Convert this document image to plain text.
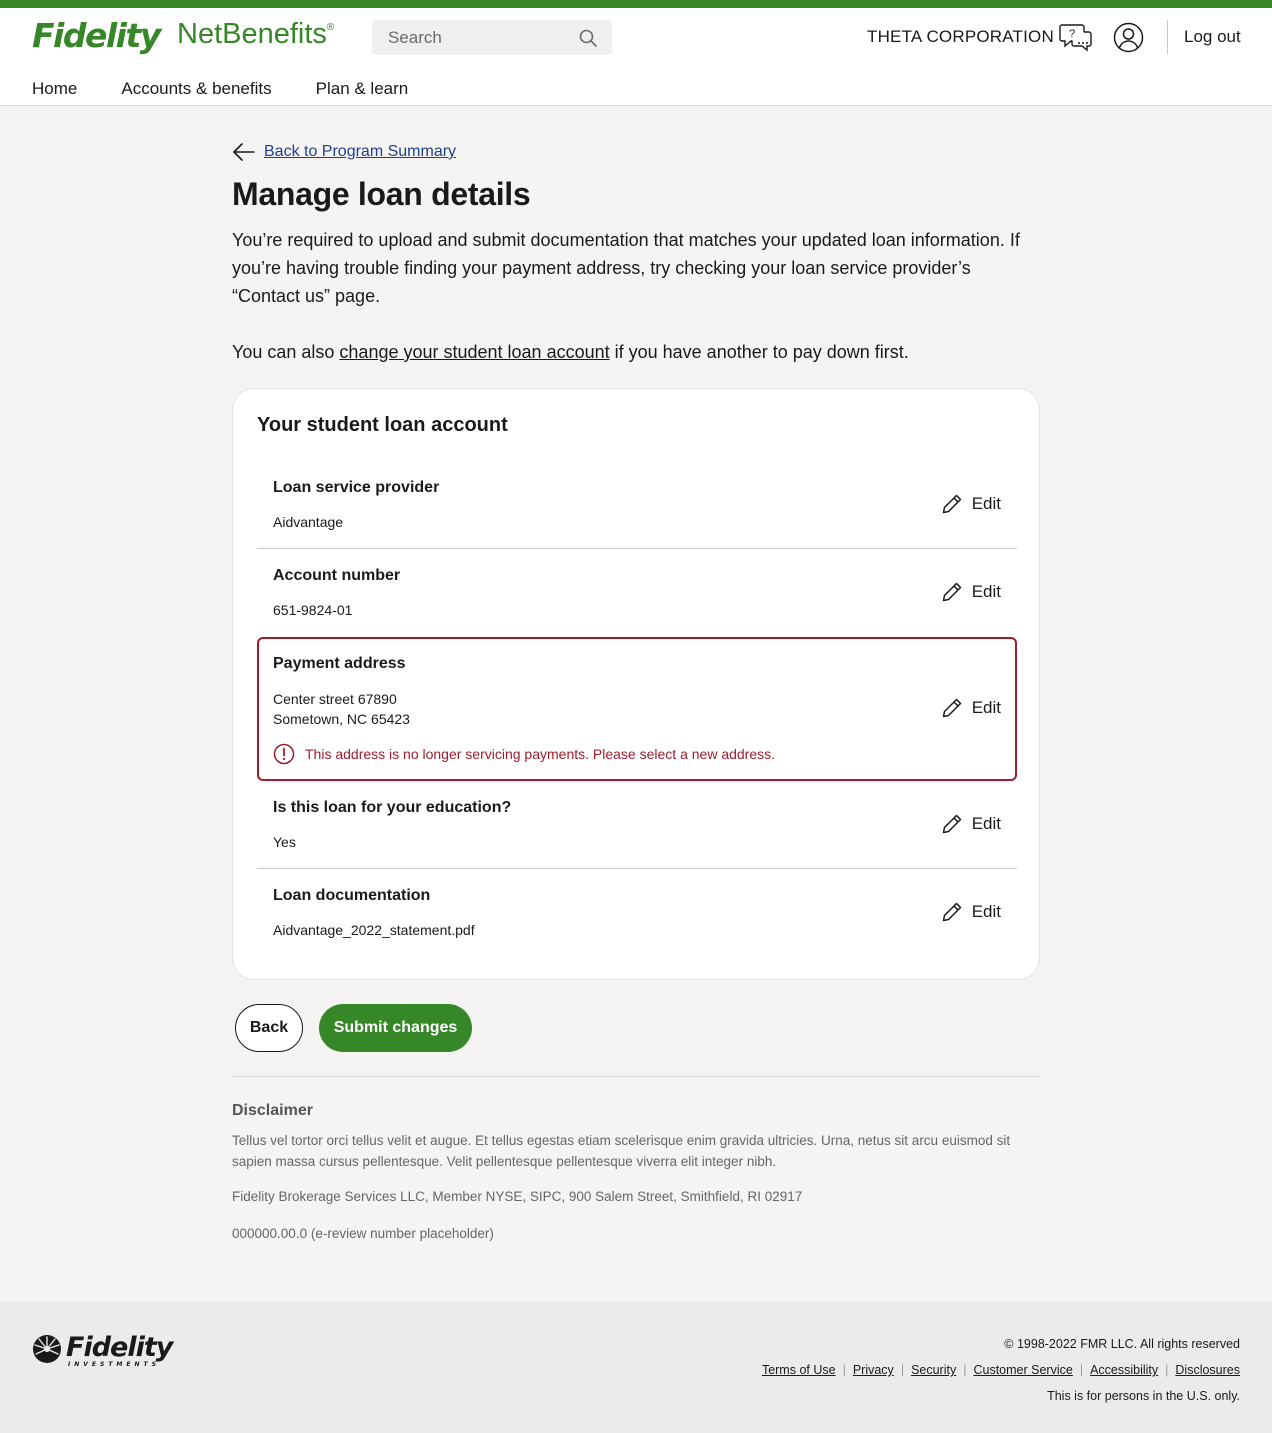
Fidelity NetBenefits®
Search	THETA CORPORATION ?	Log out
Home	Accounts & benefits	Plan & learn
Back to Program Summary
Manage loan details

You’re required to upload and submit documentation that matches your updated loan information. If you’re having trouble finding your payment address, try checking your loan service provider’s “Contact us” page.

You can also change your student loan account if you have another to pay down first.

Your student loan account
Loan service provider
Aidvantage
Edit
Account number
651-9824-01
Edit
Payment address
Center street 67890
Sometown, NC 65423
Edit
This address is no longer servicing payments. Please select a new address.
Is this loan for your education?
Yes
Edit
Loan documentation
Aidvantage_2022_statement.pdf
Edit
Back	Submit changes
Disclaimer

Tellus vel tortor orci tellus velit et augue. Et tellus egestas etiam scelerisque enim gravida ultricies. Urna, netus sit arcu euismod sit sapien massa cursus pellentesque. Velit pellentesque pellentesque viverra elit integer nibh.

Fidelity Brokerage Services LLC, Member NYSE, SIPC, 900 Salem Street, Smithfield, RI 02917

000000.00.0 (e-review number placeholder)

Fidelity
INVESTMENTS
© 1998-2022 FMR LLC. All rights reserved
Terms of Use | Privacy | Security | Customer Service | Accessibility | Disclosures
This is for persons in the U.S. only.
